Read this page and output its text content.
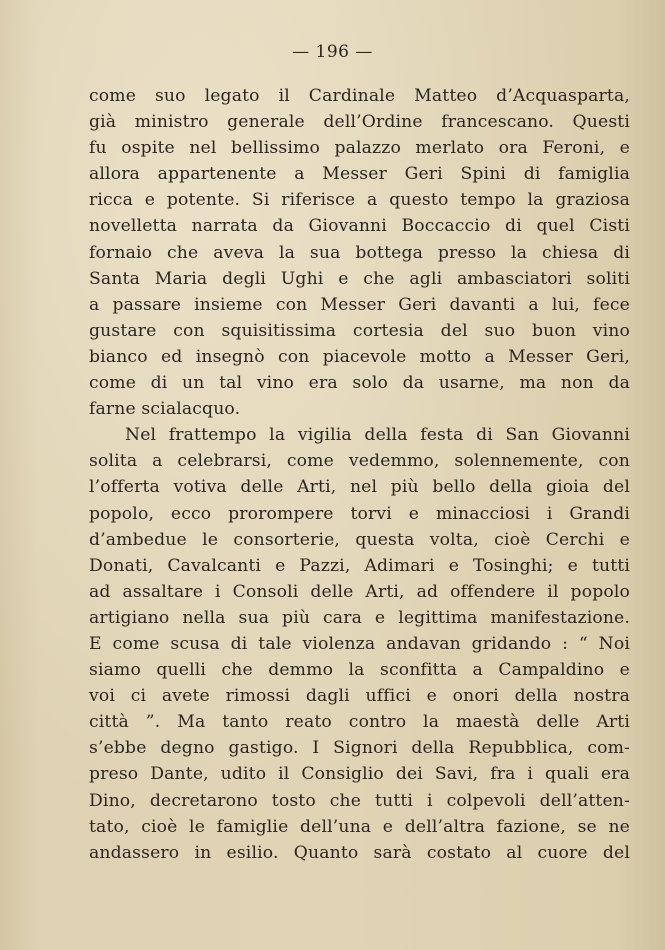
— 196 —
come suo legato il Cardinale Matteo d’Acquasparta,
già ministro generale dell’Ordine francescano. Questi
fu ospite nel bellissimo palazzo merlato ora Feroni, e
allora appartenente a Messer Geri Spini di famiglia
ricca e potente. Si riferisce a questo tempo la graziosa
novelletta narrata da Giovanni Boccaccio di quel Cisti
fornaio che aveva la sua bottega presso la chiesa di
Santa Maria degli Ughi e che agli ambasciatori soliti
a passare insieme con Messer Geri davanti a lui, fece
gustare con squisitissima cortesia del suo buon vino
bianco ed insegnò con piacevole motto a Messer Geri,
come di un tal vino era solo da usarne, ma non da
farne scialacquo.
Nel frattempo la vigilia della festa di San Giovanni
solita a celebrarsi, come vedemmo, solennemente, con
l’offerta votiva delle Arti, nel più bello della gioia del
popolo, ecco prorompere torvi e minacciosi i Grandi
d’ambedue le consorterie, questa volta, cioè Cerchi e
Donati, Cavalcanti e Pazzi, Adimari e Tosinghi; e tutti
ad assaltare i Consoli delle Arti, ad offendere il popolo
artigiano nella sua più cara e legittima manifestazione.
E come scusa di tale violenza andavan gridando : “ Noi
siamo quelli che demmo la sconfitta a Campaldino e
voi ci avete rimossi dagli uffici e onori della nostra
città ”. Ma tanto reato contro la maestà delle Arti
s’ebbe degno gastigo. I Signori della Repubblica, com-
preso Dante, udito il Consiglio dei Savi, fra i quali era
Dino, decretarono tosto che tutti i colpevoli dell’atten-
tato, cioè le famiglie dell’una e dell’altra fazione, se ne
andassero in esilio. Quanto sarà costato al cuore del
